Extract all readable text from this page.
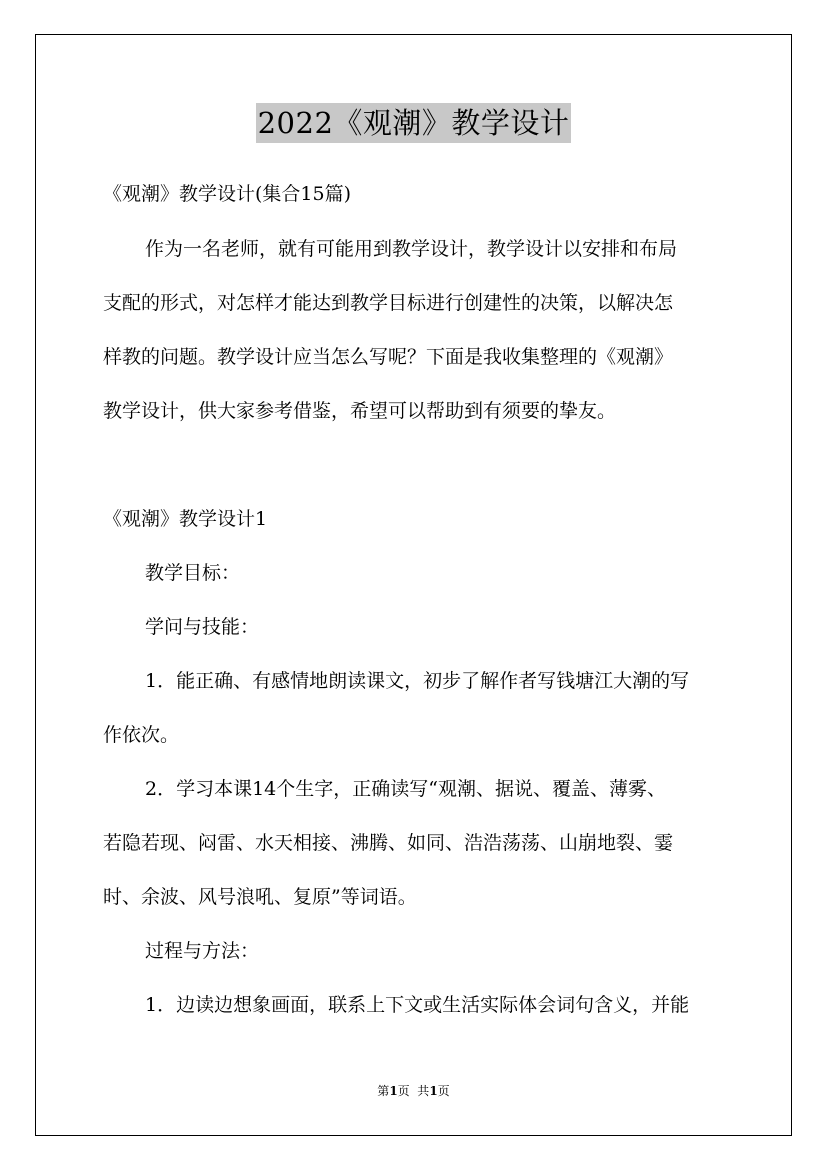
2022《观潮》教学设计
《观潮》教学设计(集合15篇)
作为一名老师，就有可能用到教学设计，教学设计以安排和布局
支配的形式，对怎样才能达到教学目标进行创建性的决策，以解决怎
样教的问题。教学设计应当怎么写呢？下面是我收集整理的《观潮》
教学设计，供大家参考借鉴，希望可以帮助到有须要的挚友。
《观潮》教学设计1
教学目标：
学问与技能：
1．能正确、有感情地朗读课文，初步了解作者写钱塘江大潮的写
作依次。
2．学习本课14个生字，正确读写“观潮、据说、覆盖、薄雾、
若隐若现、闷雷、水天相接、沸腾、如同、浩浩荡荡、山崩地裂、霎
时、余波、风号浪吼、复原”等词语。
过程与方法：
1．边读边想象画面，联系上下文或生活实际体会词句含义，并能
第1页  共1页
